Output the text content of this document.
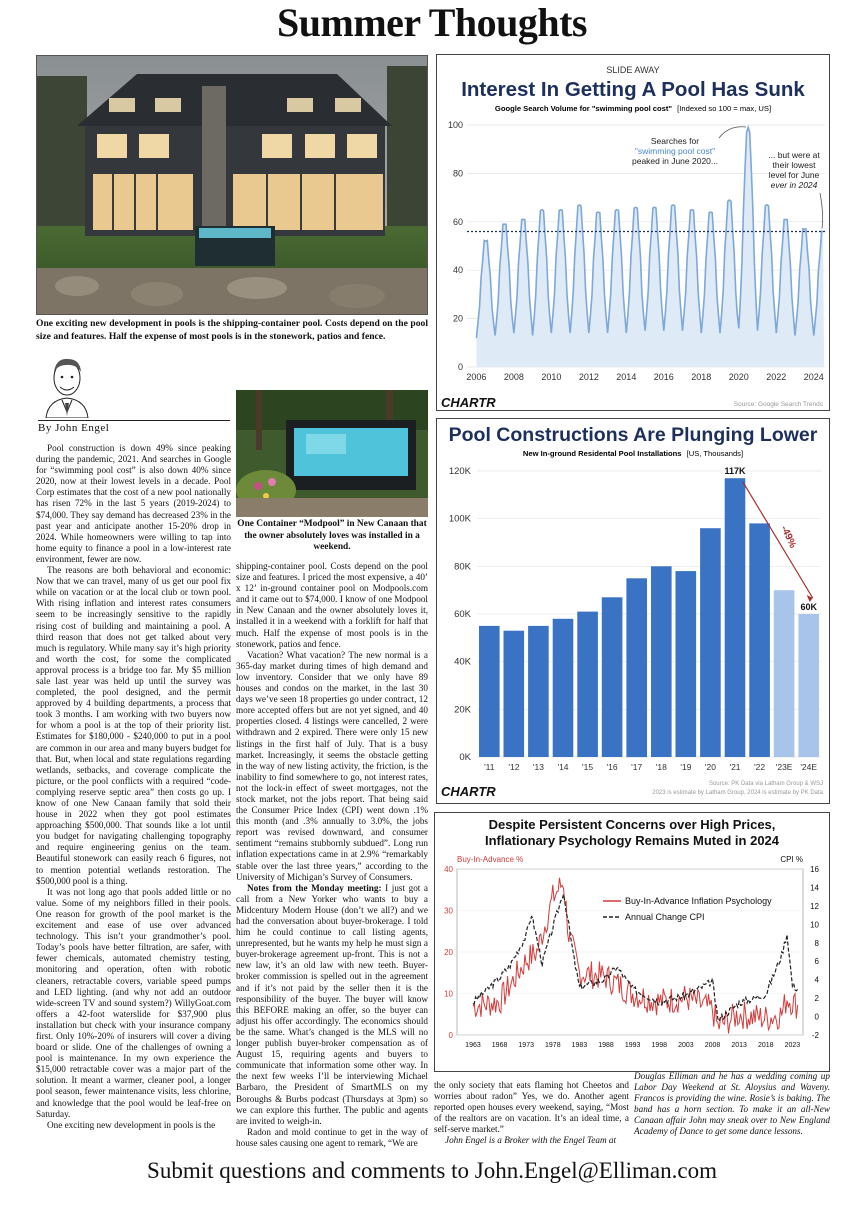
Summer Thoughts
One exciting new development in pools is the shipping-container pool. Costs depend on the pool size and features. Half the expense of most pools is in the stonework, patios and fence.
By John Engel

Pool construction is down 49% since peaking during the pandemic, 2021. And searches in Google for “swimming pool cost” is also down 40% since 2020, now at their lowest levels in a decade. Pool Corp estimates that the cost of a new pool nationally has risen 72% in the last 5 years (2019-2024) to $74,000. They say demand has decreased 23% in the past year and anticipate another 15-20% drop in 2024. While homeowners were willing to tap into home equity to finance a pool in a low-interest rate environment, fewer are now.

The reasons are both behavioral and economic: Now that we can travel, many of us get our pool fix while on vacation or at the local club or town pool. With rising inflation and interest rates consumers seem to be increasingly sensitive to the rapidly rising cost of building and maintaining a pool. A third reason that does not get talked about very much is regulatory. While many say it’s high priority and worth the cost, for some the complicated approval process is a bridge too far. My $5 million sale last year was held up until the survey was completed, the pool designed, and the permit approved by 4 building departments, a process that took 3 months. I am working with two buyers now for whom a pool is at the top of their priority list. Estimates for $180,000 - $240,000 to put in a pool are common in our area and many buyers budget for that. But, when local and state regulations regarding wetlands, setbacks, and coverage complicate the picture, or the pool conflicts with a required “code-complying reserve septic area” then costs go up. I know of one New Canaan family that sold their house in 2022 when they got pool estimates approaching $500,000. That sounds like a lot until you budget for navigating challenging topography and require engineering genius on the team. Beautiful stonework can easily reach 6 figures, not to mention potential wetlands restoration. The $500,000 pool is a thing.

It was not long ago that pools added little or no value. Some of my neighbors filled in their pools. One reason for growth of the pool market is the excitement and ease of use over advanced technology. This isn’t your grandmother’s pool. Today’s pools have better filtration, are safer, with fewer chemicals, automated chemistry testing, monitoring and operation, often with robotic cleaners, retractable covers, variable speed pumps and LED lighting. (and why not add an outdoor wide-screen TV and sound system?) WillyGoat.com offers a 42-foot waterslide for $37,900 plus installation but check with your insurance company first. Only 10%-20% of insurers will cover a diving board or slide. One of the challenges of owning a pool is maintenance. In my own experience the $15,000 retractable cover was a major part of the solution. It meant a warmer, cleaner pool, a longer pool season, fewer maintenance visits, less chlorine, and knowledge that the pool would be leaf-free on Saturday.

One exciting new development in pools is the

One Container “Modpool” in New Canaan that the owner absolutely loves was installed in a weekend.

shipping-container pool. Costs depend on the pool size and features. I priced the most expensive, a 40’ x 12’ in-ground container pool on Modpools.com and it came out to $74,000. I know of one Modpool in New Canaan and the owner absolutely loves it, installed it in a weekend with a forklift for half that much. Half the expense of most pools is in the stonework, patios and fence.

Vacation? What vacation? The new normal is a 365-day market during times of high demand and low inventory. Consider that we only have 89 houses and condos on the market, in the last 30 days we’ve seen 18 properties go under contract, 12 more accepted offers but are not yet signed, and 40 properties closed. 4 listings were cancelled, 2 were withdrawn and 2 expired. There were only 15 new listings in the first half of July. That is a busy market. Increasingly, it seems the obstacle getting in the way of new listing activity, the friction, is the inability to find somewhere to go, not interest rates, not the lock-in effect of sweet mortgages, not the stock market, not the jobs report. That being said the Consumer Price Index (CPI) went down .1% this month (and .3% annually to 3.0%, the jobs report was revised downward, and consumer sentiment “remains stubbornly subdued”. Long run inflation expectations came in at 2.9% “remarkably stable over the last three years,” according to the University of Michigan’s Survey of Consumers.

Notes from the Monday meeting: I just got a call from a New Yorker who wants to buy a Midcentury Modern House (don’t we all?) and we had the conversation about buyer-brokerage. I told him he could continue to call listing agents, unrepresented, but he wants my help he must sign a buyer-brokerage agreement up-front. This is not a new law, it’s an old law with new teeth. Buyer-broker commission is spelled out in the agreement and if it’s not paid by the seller then it is the responsibility of the buyer. The buyer will know this BEFORE making an offer, so the buyer can adjust his offer accordingly. The economics should be the same. What’s changed is the MLS will no longer publish buyer-broker compensation as of August 15, requiring agents and buyers to communicate that information some other way. In the next few weeks I’ll be interviewing Michael Barbaro, the President of SmartMLS on my Boroughs & Burbs podcast (Thursdays at 3pm) so we can explore this further. The public and agents are invited to weigh-in.

Radon and mold continue to get in the way of house sales causing one agent to remark, “We are

SLIDE AWAY
Interest In Getting A Pool Has Sunk
Google Search Volume for "swimming pool cost" [Indexed so 100 = max, US]
0
20
40
60
80
100
2006 2008 2010 2012 2014 2016 2018 2020 2022 2024
Searches for
"swimming pool cost"
peaked in June 2020...
... but were at
their lowest
level for June
ever in 2024
CHARTR	Source: Google Search Trends
Pool Constructions Are Plunging Lower
New In-ground Residental Pool Installations [US, Thousands]
0K
20K
40K
60K
80K
100K
120K
'11 '12 '13 '14 '15 '16 '17 '18 '19 '20 '21 '22 '23E '24E
117K
60K
-49%
CHARTR	Source: PK Data via Latham Group & WSJ
2023 is estimate by Latham Group, 2024 is estimate by PK Data
Despite Persistent Concerns over High Prices,
Inflationary Psychology Remains Muted in 2024
Buy-In-Advance %	CPI %
0
10
20
30
40
-2
0
2
4
6
8
10
12
14
16
1963 1968 1973 1978 1983 1988 1993 1998 2003 2008 2013 2018 2023
Buy-In-Advance Inflation Psychology
Annual Change CPI

the only society that eats flaming hot Cheetos and worries about radon” Yes, we do. Another agent reported open houses every weekend, saying, “Most of the realtors are on vacation. It’s an ideal time, a self-serve market.”

John Engel is a Broker with the Engel Team at

Douglas Elliman and he has a wedding coming up Labor Day Weekend at St. Aloysius and Waveny. Francos is providing the wine. Rosie’s is baking. The band has a horn section. To make it an all-New Canaan affair John may sneak over to New England Academy of Dance to get some dance lessons.

Submit questions and comments to John.Engel@Elliman.com
